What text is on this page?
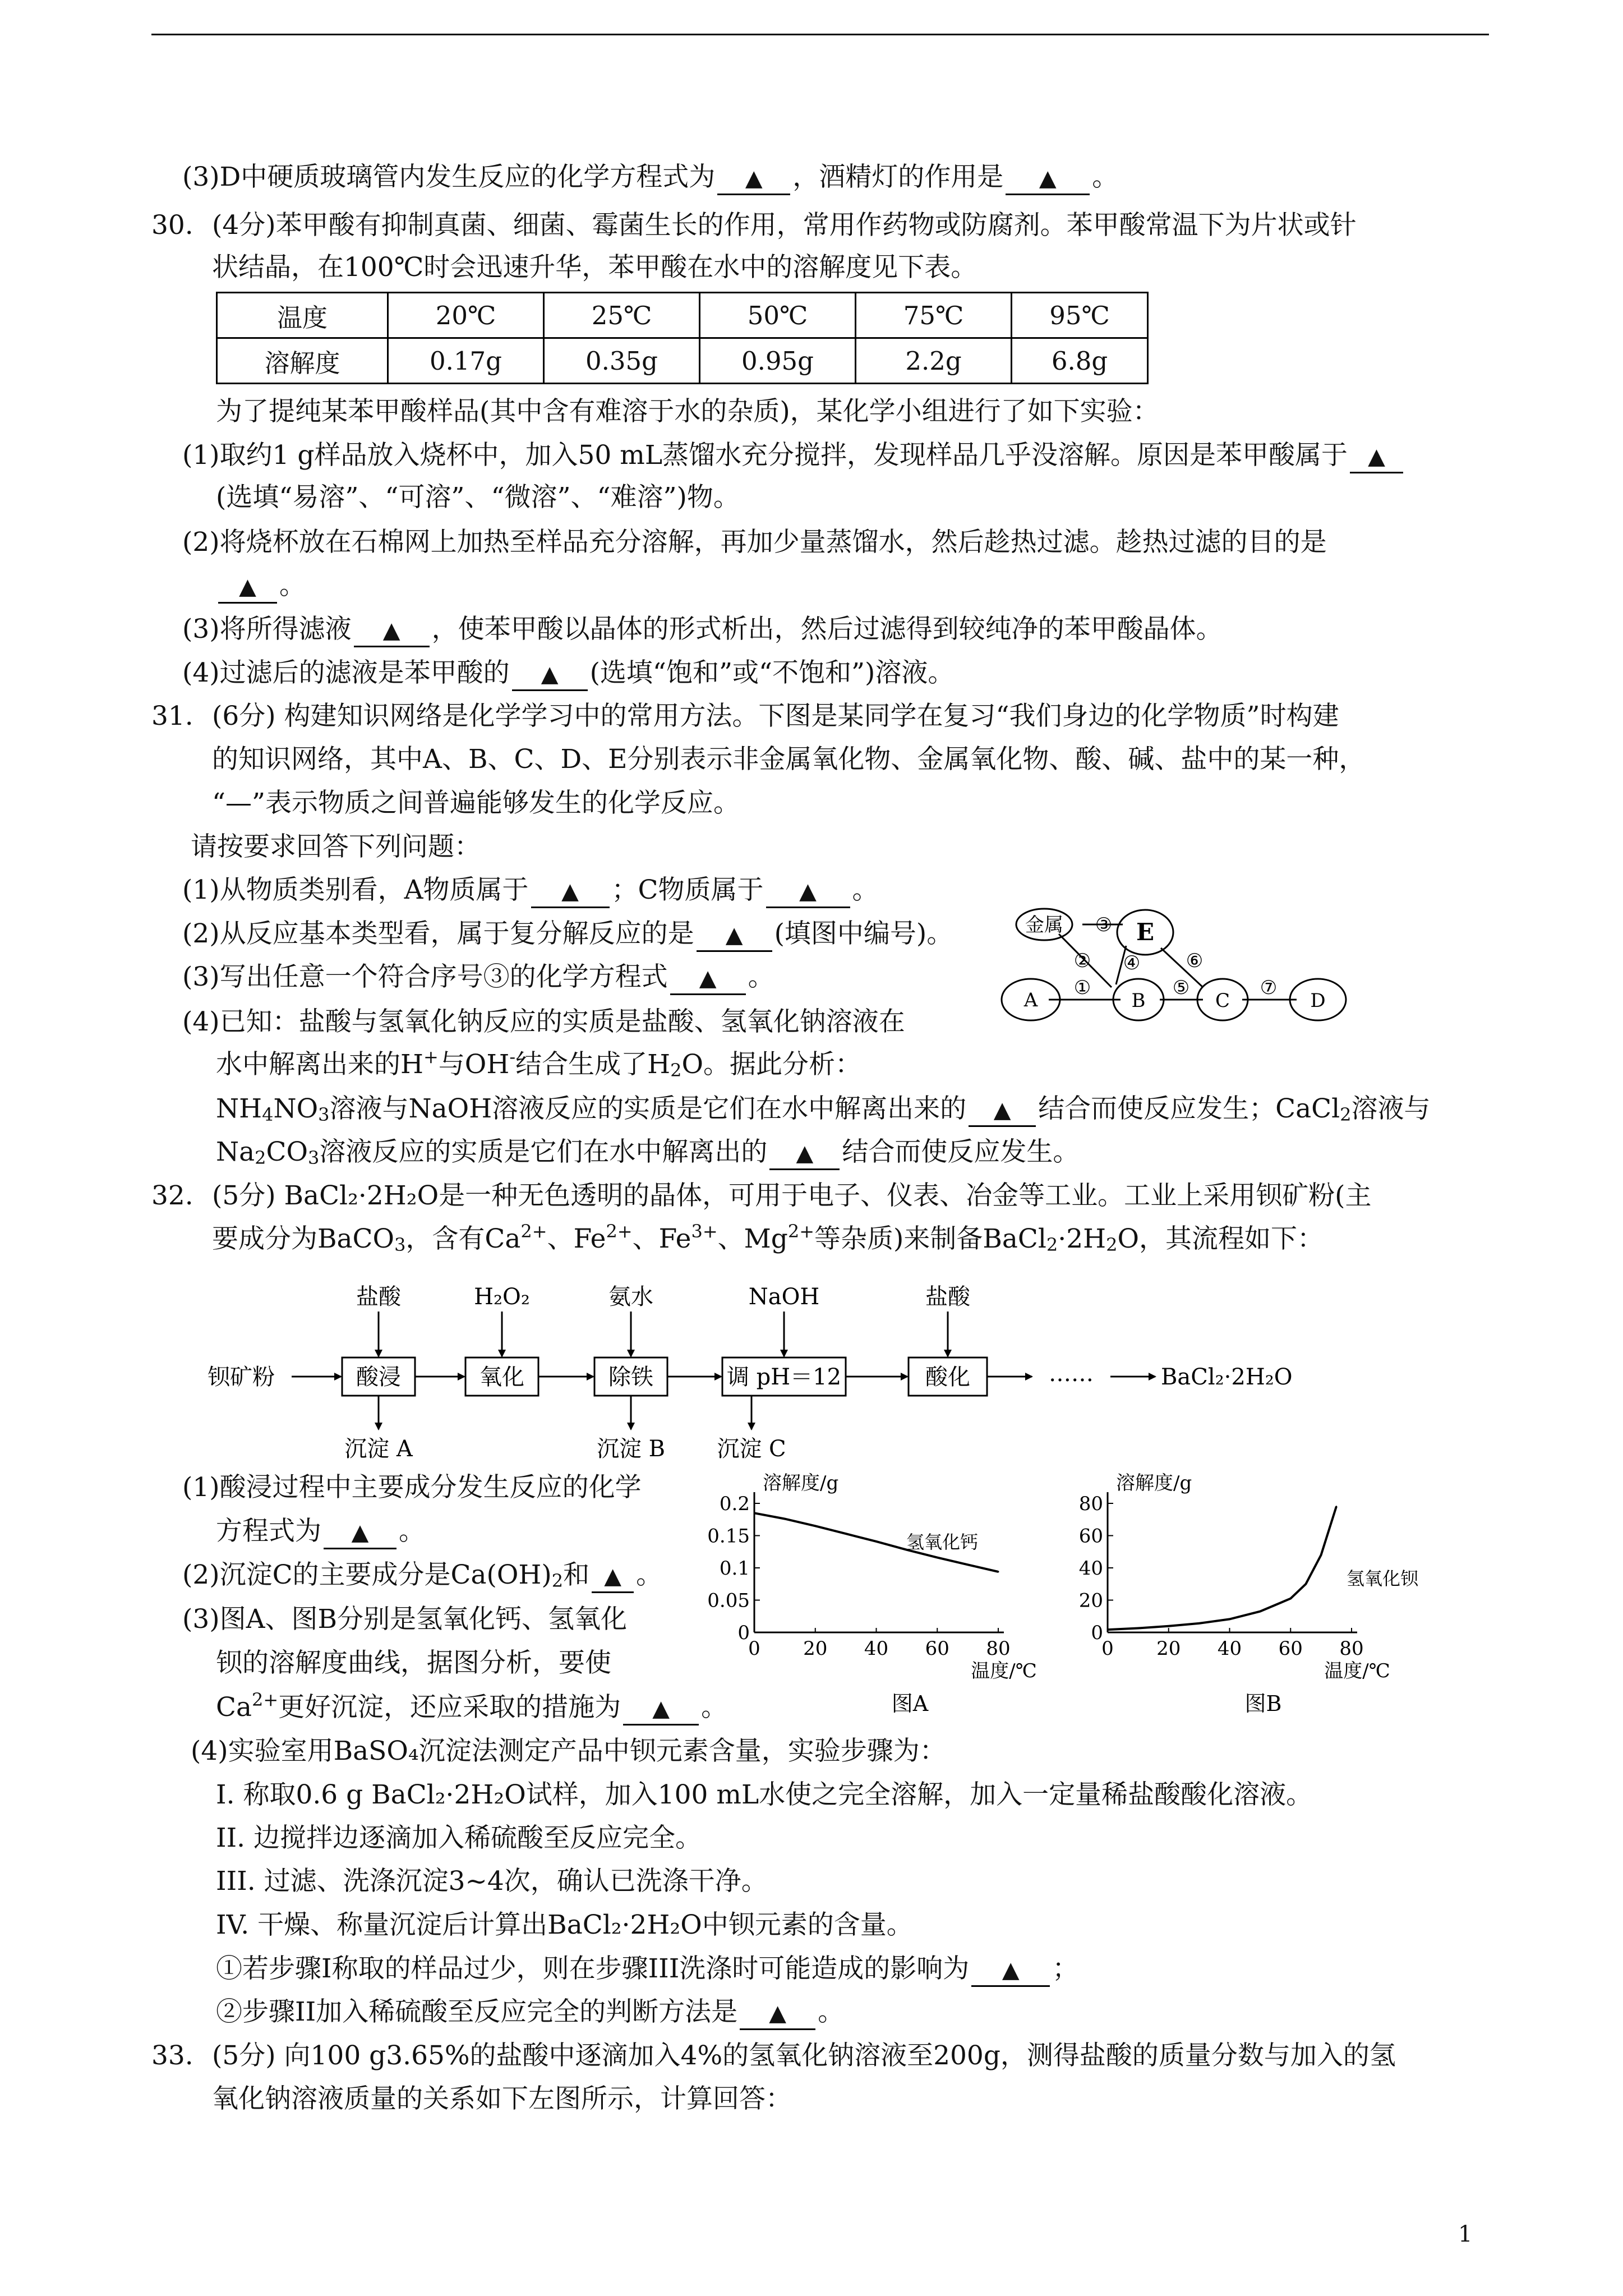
(3)D中硬质玻璃管内发生反应的化学方程式为 ▲ ，酒精灯的作用是 ▲ 。
30. (4分)苯甲酸有抑制真菌、细菌、霉菌生长的作用，常用作药物或防腐剂。苯甲酸常温下为片状或针
状结晶，在100℃时会迅速升华，苯甲酸在水中的溶解度见下表。
温度	20℃	25℃	50℃	75℃	95℃
溶解度	0.17g	0.35g	0.95g	2.2g	6.8g
为了提纯某苯甲酸样品(其中含有难溶于水的杂质)，某化学小组进行了如下实验：
(1)取约1 g样品放入烧杯中，加入50 mL蒸馏水充分搅拌，发现样品几乎没溶解。原因是苯甲酸属于 ▲
(选填“易溶”、“可溶”、“微溶”、“难溶”)物。
(2)将烧杯放在石棉网上加热至样品充分溶解，再加少量蒸馏水，然后趁热过滤。趁热过滤的目的是
▲ 。
(3)将所得滤液 ▲ ，使苯甲酸以晶体的形式析出，然后过滤得到较纯净的苯甲酸晶体。
(4)过滤后的滤液是苯甲酸的 ▲ (选填“饱和”或“不饱和”)溶液。
31. (6分) 构建知识网络是化学学习中的常用方法。下图是某同学在复习“我们身边的化学物质”时构建
的知识网络，其中A、B、C、D、E分别表示非金属氧化物、金属氧化物、酸、碱、盐中的某一种，
“—”表示物质之间普遍能够发生的化学反应。
请按要求回答下列问题：
(1)从物质类别看，A物质属于 ▲ ；C物质属于 ▲ 。
(2)从反应基本类型看，属于复分解反应的是 ▲ (填图中编号)。
(3)写出任意一个符合序号③的化学方程式 ▲ 。
(4)已知：盐酸与氢氧化钠反应的实质是盐酸、氢氧化钠溶液在
水中解离出来的H+与OH-结合生成了$H_2O$。据此分析：
$NH_4NO_3$溶液与NaOH溶液反应的实质是它们在水中解离出来的 ▲ 结合而使反应发生；CaCl$_2$溶液与
$Na_2CO_3$溶液反应的实质是它们在水中解离出的 ▲ 结合而使反应发生。
A
金属	E
B	C	D
①
②
③
④
⑤
⑥
⑦
32. (5分) BaCl₂·2H₂O是一种无色透明的晶体，可用于电子、仪表、冶金等工业。工业上采用钡矿粉(主
要成分为BaCO$_3$，含有$Ca^{2+}$、$Fe^{2+}$、$Fe^{3+}$、$Mg^{2+}$等杂质)来制备$BaCl_2\cdot 2H_2O$，其流程如下：
钡矿粉	酸浸	氧化	除铁	调 pH＝12	酸化
盐酸	H₂O₂	氨水	NaOH	盐酸
沉淀 A	沉淀 B 沉淀 C
……	BaCl₂·2H₂O
(1)酸浸过程中主要成分发生反应的化学
方程式为 ▲ 。
(2)沉淀C的主要成分是$Ca(OH)_2$和 ▲ 。
(3)图A、图B分别是氢氧化钙、氢氧化
钡的溶解度曲线，据图分析，要使
$Ca^{2+}$更好沉淀，还应采取的措施为 ▲ 。
0
0.05
0.1
0.15
0.2
0 20 40 60 80
溶解度/g
温度/℃
图A
氢氧化钙
0
20
40
60
80
0 20 40 60 80
溶解度/g
温度/℃
图B
氢氧化钡
(4)实验室用BaSO₄沉淀法测定产品中钡元素含量，实验步骤为：
I. 称取0.6 g BaCl₂·2H₂O试样，加入100 mL水使之完全溶解，加入一定量稀盐酸酸化溶液。
II. 边搅拌边逐滴加入稀硫酸至反应完全。
III. 过滤、洗涤沉淀3~4次，确认已洗涤干净。
IV. 干燥、称量沉淀后计算出BaCl₂·2H₂O中钡元素的含量。
①若步骤I称取的样品过少，则在步骤III洗涤时可能造成的影响为 ▲ ；
②步骤II加入稀硫酸至反应完全的判断方法是 ▲ 。
33. (5分) 向100 g3.65%的盐酸中逐滴加入4%的氢氧化钠溶液至200g，测得盐酸的质量分数与加入的氢
氧化钠溶液质量的关系如下左图所示，计算回答：
1
